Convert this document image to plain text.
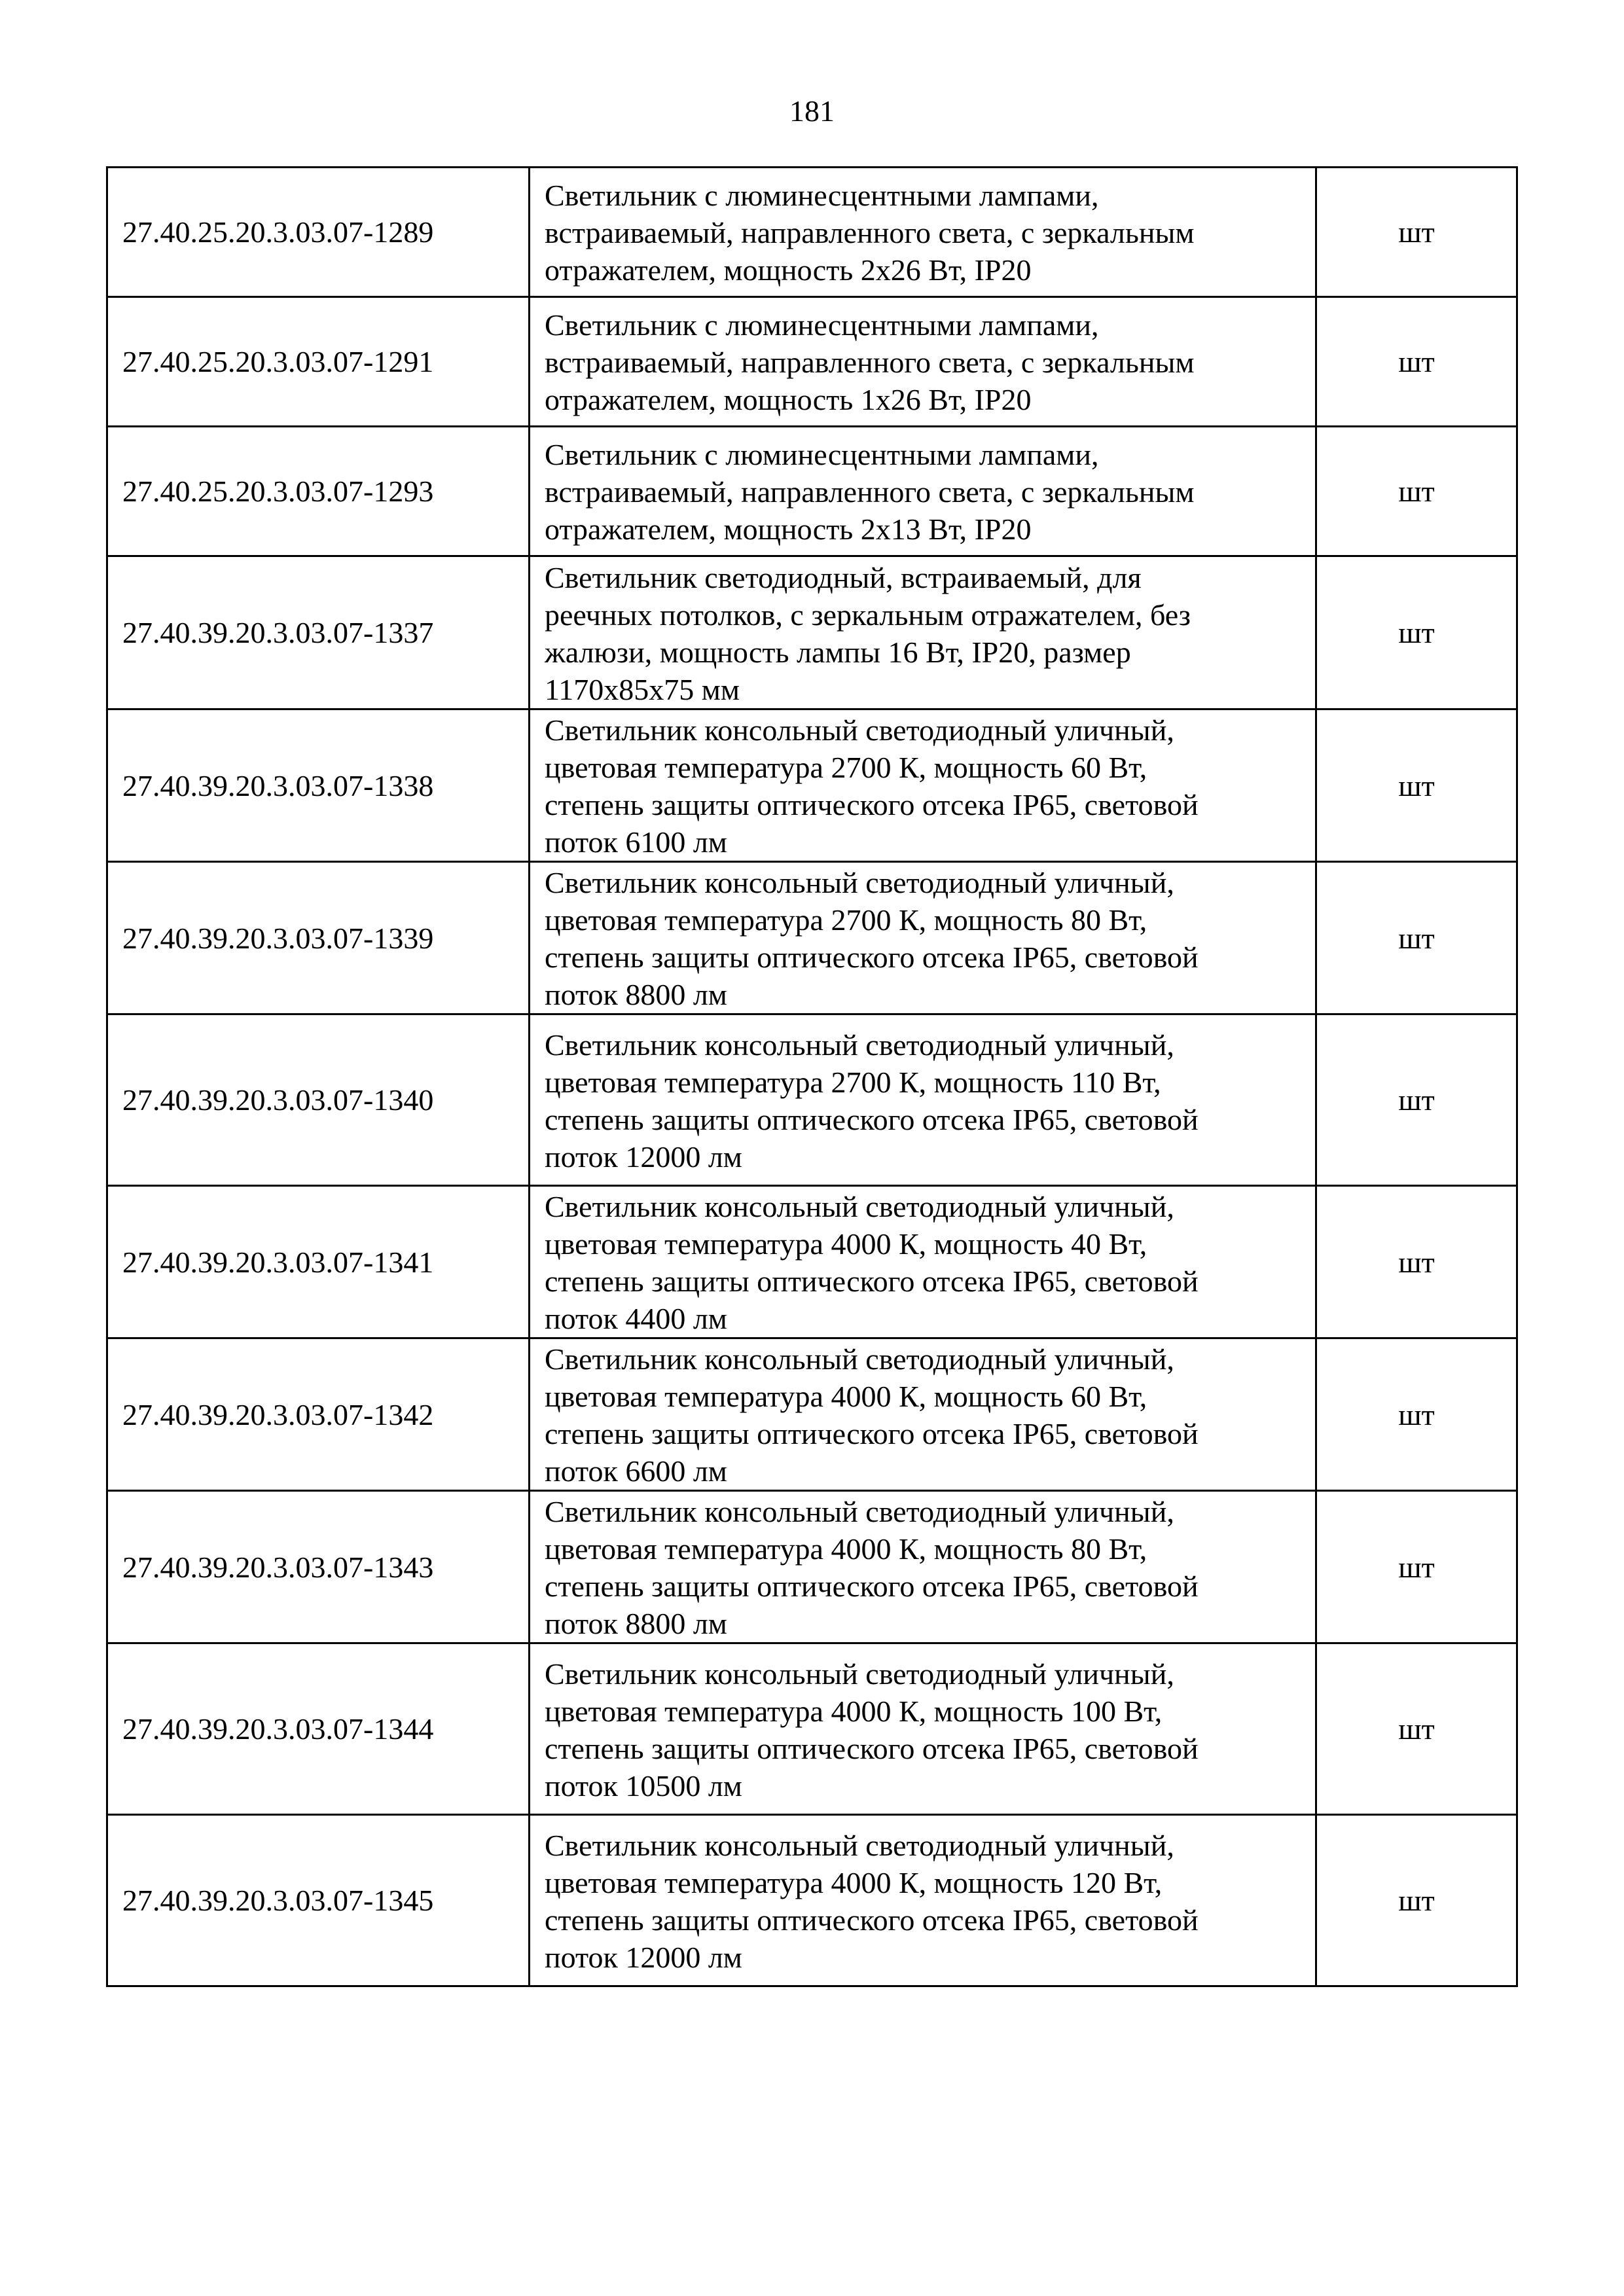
181
27.40.25.20.3.03.07-1289	Светильник с люминесцентными лампами,
встраиваемый, направленного света, с зеркальным
отражателем, мощность 2x26 Вт, IP20	шт
27.40.25.20.3.03.07-1291	Светильник с люминесцентными лампами,
встраиваемый, направленного света, с зеркальным
отражателем, мощность 1x26 Вт, IP20	шт
27.40.25.20.3.03.07-1293	Светильник с люминесцентными лампами,
встраиваемый, направленного света, с зеркальным
отражателем, мощность 2x13 Вт, IP20	шт
27.40.39.20.3.03.07-1337	Светильник светодиодный, встраиваемый, для
реечных потолков, с зеркальным отражателем, без
жалюзи, мощность лампы 16 Вт, IP20, размер
1170x85x75 мм	шт
27.40.39.20.3.03.07-1338	Светильник консольный светодиодный уличный,
цветовая температура 2700 К, мощность 60 Вт,
степень защиты оптического отсека IP65, световой
поток 6100 лм	шт
27.40.39.20.3.03.07-1339	Светильник консольный светодиодный уличный,
цветовая температура 2700 К, мощность 80 Вт,
степень защиты оптического отсека IP65, световой
поток 8800 лм	шт
27.40.39.20.3.03.07-1340	Светильник консольный светодиодный уличный,
цветовая температура 2700 К, мощность 110 Вт,
степень защиты оптического отсека IP65, световой
поток 12000 лм	шт
27.40.39.20.3.03.07-1341	Светильник консольный светодиодный уличный,
цветовая температура 4000 К, мощность 40 Вт,
степень защиты оптического отсека IP65, световой
поток 4400 лм	шт
27.40.39.20.3.03.07-1342	Светильник консольный светодиодный уличный,
цветовая температура 4000 К, мощность 60 Вт,
степень защиты оптического отсека IP65, световой
поток 6600 лм	шт
27.40.39.20.3.03.07-1343	Светильник консольный светодиодный уличный,
цветовая температура 4000 К, мощность 80 Вт,
степень защиты оптического отсека IP65, световой
поток 8800 лм	шт
27.40.39.20.3.03.07-1344	Светильник консольный светодиодный уличный,
цветовая температура 4000 К, мощность 100 Вт,
степень защиты оптического отсека IP65, световой
поток 10500 лм	шт
27.40.39.20.3.03.07-1345	Светильник консольный светодиодный уличный,
цветовая температура 4000 К, мощность 120 Вт,
степень защиты оптического отсека IP65, световой
поток 12000 лм	шт
